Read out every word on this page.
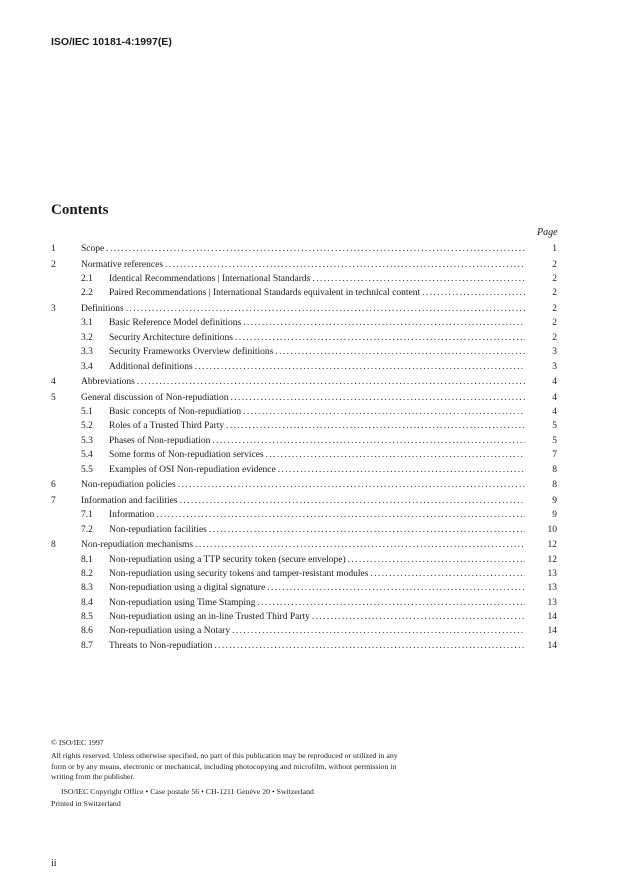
ISO/IEC 10181-4:1997(E)
Contents
Page
1	Scope . . .	1
2	Normative references . . .	2
2.1	Identical Recommendations | International Standards . . .	2
2.2	Paired Recommendations | International Standards equivalent in technical content . . .	2
3	Definitions . . .	2
3.1	Basic Reference Model definitions . . .	2
3.2	Security Architecture definitions . . .	2
3.3	Security Frameworks Overview definitions . . .	3
3.4	Additional definitions . . .	3
4	Abbreviations . . .	4
5	General discussion of Non-repudiation . . .	4
5.1	Basic concepts of Non-repudiation . . .	4
5.2	Roles of a Trusted Third Party . . .	5
5.3	Phases of Non-repudiation . . .	5
5.4	Some forms of Non-repudiation services . . .	7
5.5	Examples of OSI Non-repudiation evidence . . .	8
6	Non-repudiation policies . . .	8
7	Information and facilities . . .	9
7.1	Information . . .	9
7.2	Non-repudiation facilities . . .	10
8	Non-repudiation mechanisms . . .	12
8.1	Non-repudiation using a TTP security token (secure envelope) . . .	12
8.2	Non-repudiation using security tokens and tamper-resistant modules . . .	13
8.3	Non-repudiation using a digital signature . . .	13
8.4	Non-repudiation using Time Stamping . . .	13
8.5	Non-repudiation using an in-line Trusted Third Party . . .	14
8.6	Non-repudiation using a Notary . . .	14
8.7	Threats to Non-repudiation . . .	14

© ISO/IEC 1997

All rights reserved. Unless otherwise specified, no part of this publication may be reproduced or utilized in any form or by any means, electronic or mechanical, including photocopying and microfilm, without permission in writing from the publisher.

ISO/IEC Copyright Office • Case postale 56 • CH-1211 Genève 20 • Switzerland

Printed in Switzerland

ii
